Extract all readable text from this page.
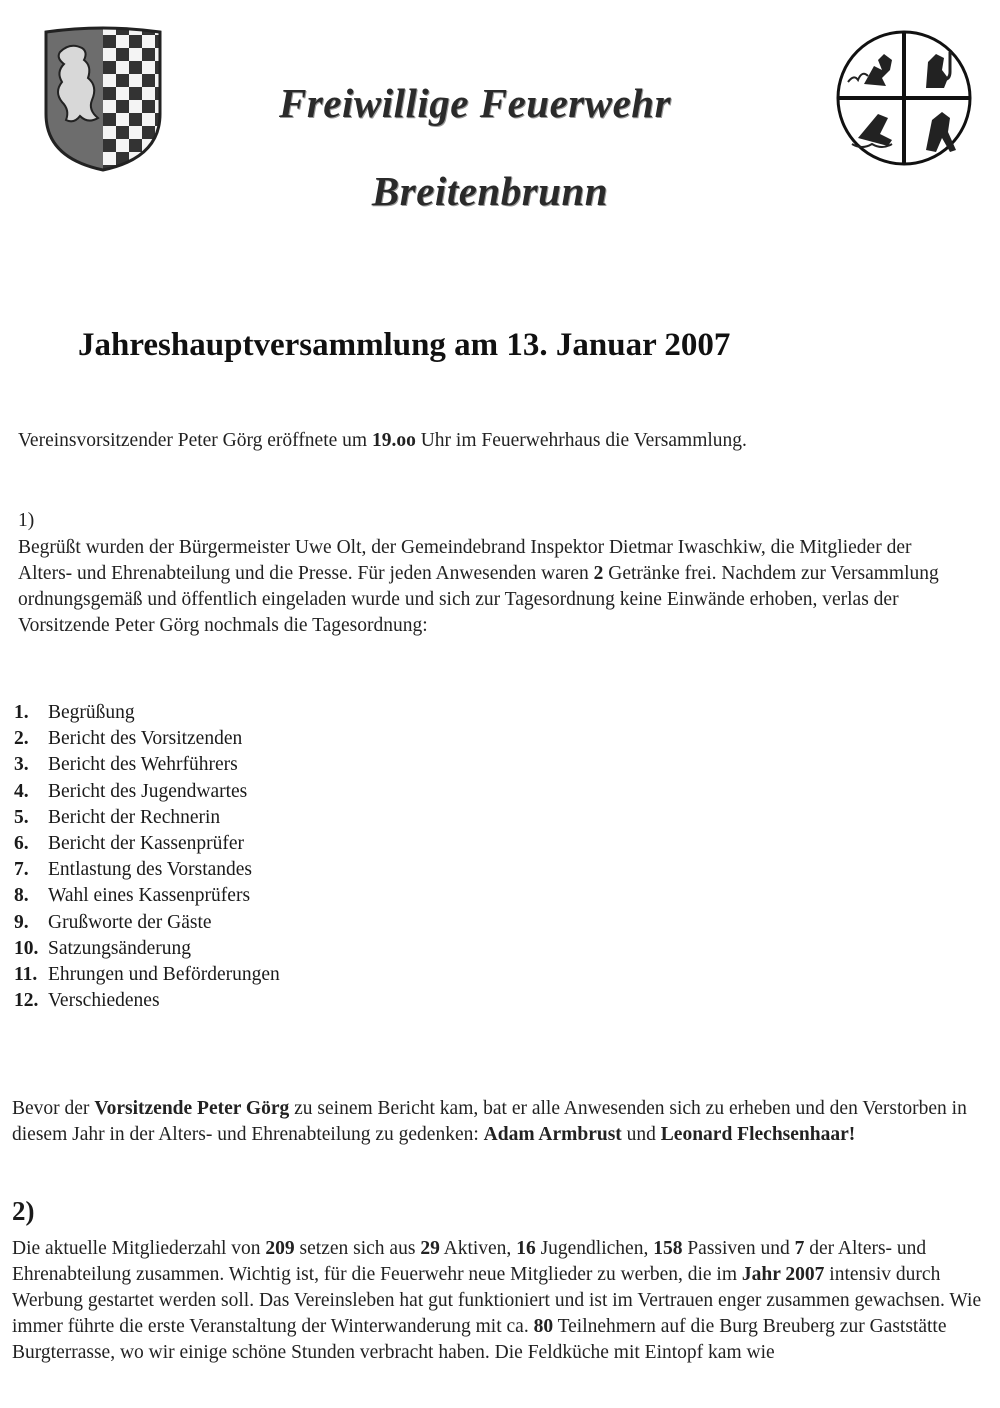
Freiwillige Feuerwehr
Breitenbrunn
Jahreshauptversammlung am 13. Januar 2007

Vereinsvorsitzender Peter Görg eröffnete um 19.oo Uhr im Feuerwehrhaus die Versammlung.

1)

Begrüßt wurden der Bürgermeister Uwe Olt, der Gemeindebrand Inspektor Dietmar Iwaschkiw, die Mitglieder der Alters- und Ehrenabteilung und die Presse. Für jeden Anwesenden waren 2 Getränke frei. Nachdem zur Versammlung ordnungsgemäß und öffentlich eingeladen wurde und sich zur Tagesordnung keine Einwände erhoben, verlas der Vorsitzende Peter Görg nochmals die Tagesordnung:

1. Begrüßung
2. Bericht des Vorsitzenden
3. Bericht des Wehrführers
4. Bericht des Jugendwartes
5. Bericht der Rechnerin
6. Bericht der Kassenprüfer
7. Entlastung des Vorstandes
8. Wahl eines Kassenprüfers
9. Grußworte der Gäste
10. Satzungsänderung
11. Ehrungen und Beförderungen
12. Verschiedenes

Bevor der Vorsitzende Peter Görg zu seinem Bericht kam, bat er alle Anwesenden sich zu erheben und den Verstorben in diesem Jahr in der Alters- und Ehrenabteilung zu gedenken: Adam Armbrust und Leonard Flechsenhaar!

2)

Die aktuelle Mitgliederzahl von 209 setzen sich aus 29 Aktiven, 16 Jugendlichen, 158 Passiven und 7 der Alters- und Ehrenabteilung zusammen. Wichtig ist, für die Feuerwehr neue Mitglieder zu werben, die im Jahr 2007 intensiv durch Werbung gestartet werden soll. Das Vereinsleben hat gut funktioniert und ist im Vertrauen enger zusammen gewachsen. Wie immer führte die erste Veranstaltung der Winterwanderung mit ca. 80 Teilnehmern auf die Burg Breuberg zur Gaststätte Burgterrasse, wo wir einige schöne Stunden verbracht haben. Die Feldküche mit Eintopf kam wie
